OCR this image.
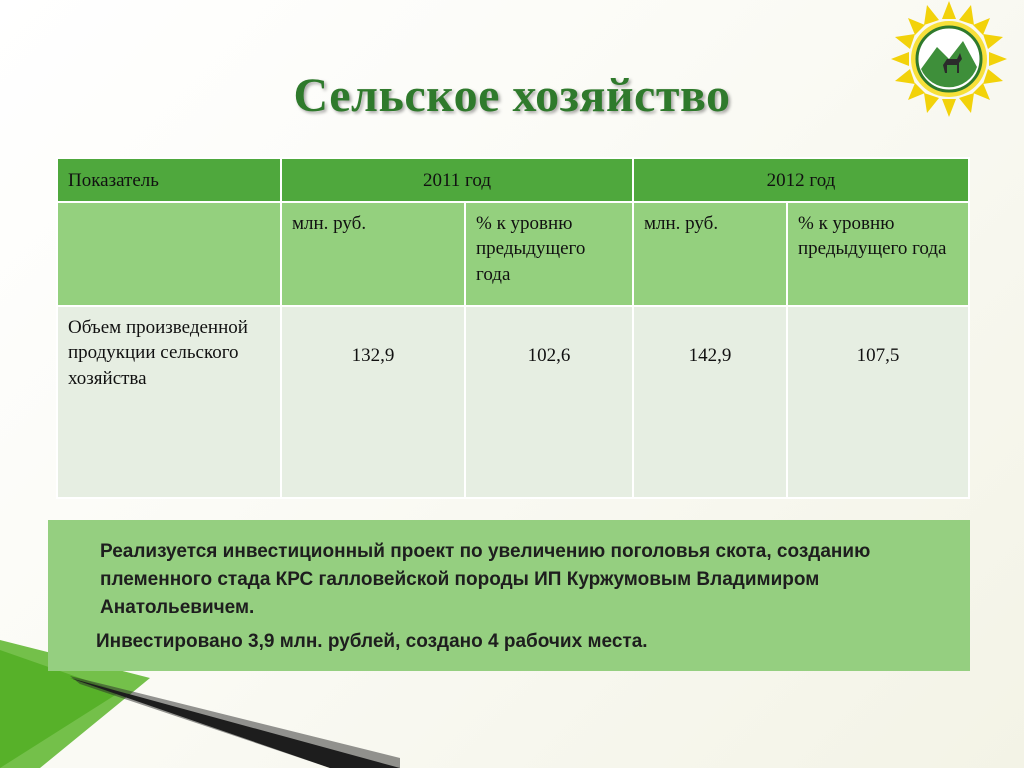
Сельское хозяйство
Показатель	2011 год		2012 год	
	млн. руб.	% к уровню предыдущего года	млн. руб.	% к уровню предыдущего года
Объем произведенной продукции сельского хозяйства	132,9	102,6	142,9	107,5
Реализуется инвестиционный проект по увеличению поголовья скота, созданию племенного стада КРС галловейской породы ИП Куржумовым Владимиром Анатольевичем.
Инвестировано 3,9 млн. рублей, создано 4 рабочих места.
